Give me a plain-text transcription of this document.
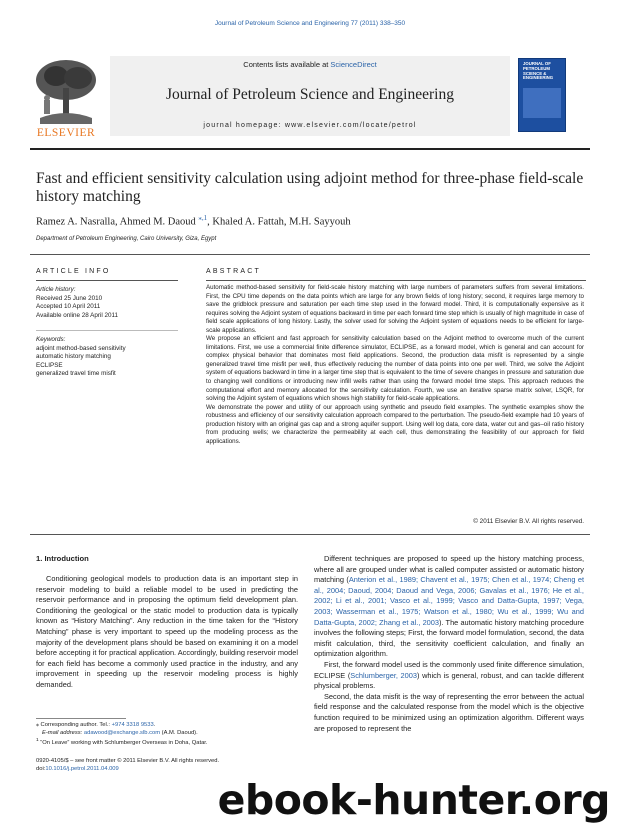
Journal of Petroleum Science and Engineering 77 (2011) 338–350
Contents lists available at ScienceDirect
Journal of Petroleum Science and Engineering
journal homepage: www.elsevier.com/locate/petrol
ELSEVIER
JOURNAL OF PETROLEUM SCIENCE & ENGINEERING
Fast and efficient sensitivity calculation using adjoint method for three-phase field-scale history matching
Ramez A. Nasralla, Ahmed M. Daoud $^{⁎,1}$, Khaled A. Fattah, M.H. Sayyouh
Department of Petroleum Engineering, Cairo University, Giza, Egypt
ARTICLE INFO
Article history:
Received 25 June 2010
Accepted 10 April 2011
Available online 28 April 2011
Keywords:
adjoint method-based sensitivity
automatic history matching
ECLIPSE
generalized travel time misfit
ABSTRACT

Automatic method-based sensitivity for field-scale history matching with large numbers of parameters suffers from several limitations. First, the CPU time depends on the data points which are large for any brown fields of long history; second, it requires large memory to save the gridblock pressure and saturation per each time step used in the forward model. Third, it is computationally expensive as it requires solving the Adjoint system of equations backward in time per each forward time step which is usually of high magnitude in case of field scale applications of long history. Lastly, the solver used for solving the Adjoint system of equations needs to be efficient for large-scale applications.

We propose an efficient and fast approach for sensitivity calculation based on the Adjoint method to overcome much of the current limitations. First, we use a commercial finite difference simulator, ECLIPSE, as a forward model, which is general and can account for complex physical behavior that dominates most field applications. Second, the production data misfit is represented by a single generalized travel time misfit per well, thus effectively reducing the number of data points into one per well. Third, we solve the Adjoint system of equations backward in time in a larger time step that is equivalent to the time of severe changes in pressure and saturation due to changing well conditions or introducing new infill wells rather than using the forward model time steps. This approach reduces the computational effort and memory allocated for the sensitivity calculation. Fourth, we use an iterative sparse matrix solver, LSQR, for solving the Adjoint system of equations which shows high stability for field-scale applications.

We demonstrate the power and utility of our approach using synthetic and pseudo field examples. The synthetic examples show the robustness and efficiency of our sensitivity calculation approach compared to the perturbation. The pseudo-field example had 10 years of production history with an original gas cap and a strong aquifer support. Using well log data, core data, water cut and gas–oil ratio history from producing wells; we characterize the permeability at each cell, thus demonstrating the feasibility of our approach for field applications.

© 2011 Elsevier B.V. All rights reserved.
1. Introduction

Conditioning geological models to production data is an important step in reservoir modeling to build a reliable model to be used in predicting the reservoir performance and in proposing the optimum field development plan. Conditioning the geological or the static model to production data is typically known as “History Matching”. Any reduction in the time taken for the “History Matching” phase is very important to speed up the modeling process as the majority of the development plans should be based on examining it on a model before accepting it for practical application. Accordingly, building reservoir model for each field has become a commonly used practice in the industry, and any improvement in speeding up the reservoir modeling process is highly demanded.

⁎ Corresponding author. Tel.: +974 3318 9533.
E-mail address: adawood@exchange.slb.com (A.M. Daoud).
$^1$ “On Leave” working with Schlumberger Overseas in Doha, Qatar.
0920-4105/$ – see front matter © 2011 Elsevier B.V. All rights reserved.
doi:10.1016/j.petrol.2011.04.009

Different techniques are proposed to speed up the history matching process, where all are grouped under what is called computer assisted or automatic history matching (Anterion et al., 1989; Chavent et al., 1975; Chen et al., 1974; Cheng et al., 2004; Daoud, 2004; Daoud and Vega, 2006; Gavalas et al., 1976; He et al., 2002; Li et al., 2001; Vasco et al., 1999; Vasco and Datta-Gupta, 1997; Vega, 2003; Wasserman et al., 1975; Watson et al., 1980; Wu et al., 1999; Wu and Datta-Gupta, 2002; Zhang et al., 2003). The automatic history matching procedure involves the following steps; First, the forward model formulation, second, the data misfit calculation, third, the sensitivity coefficient calculation, and finally an optimization algorithm.

First, the forward model used is the commonly used finite difference simulation, ECLIPSE (Schlumberger, 2003) which is general, robust, and can tackle different physical problems.

Second, the data misfit is the way of representing the error between the actual field response and the calculated response from the model which is the objective function required to be minimized using an optimization algorithm. Different ways are proposed to represent the

ebook-hunter.org
